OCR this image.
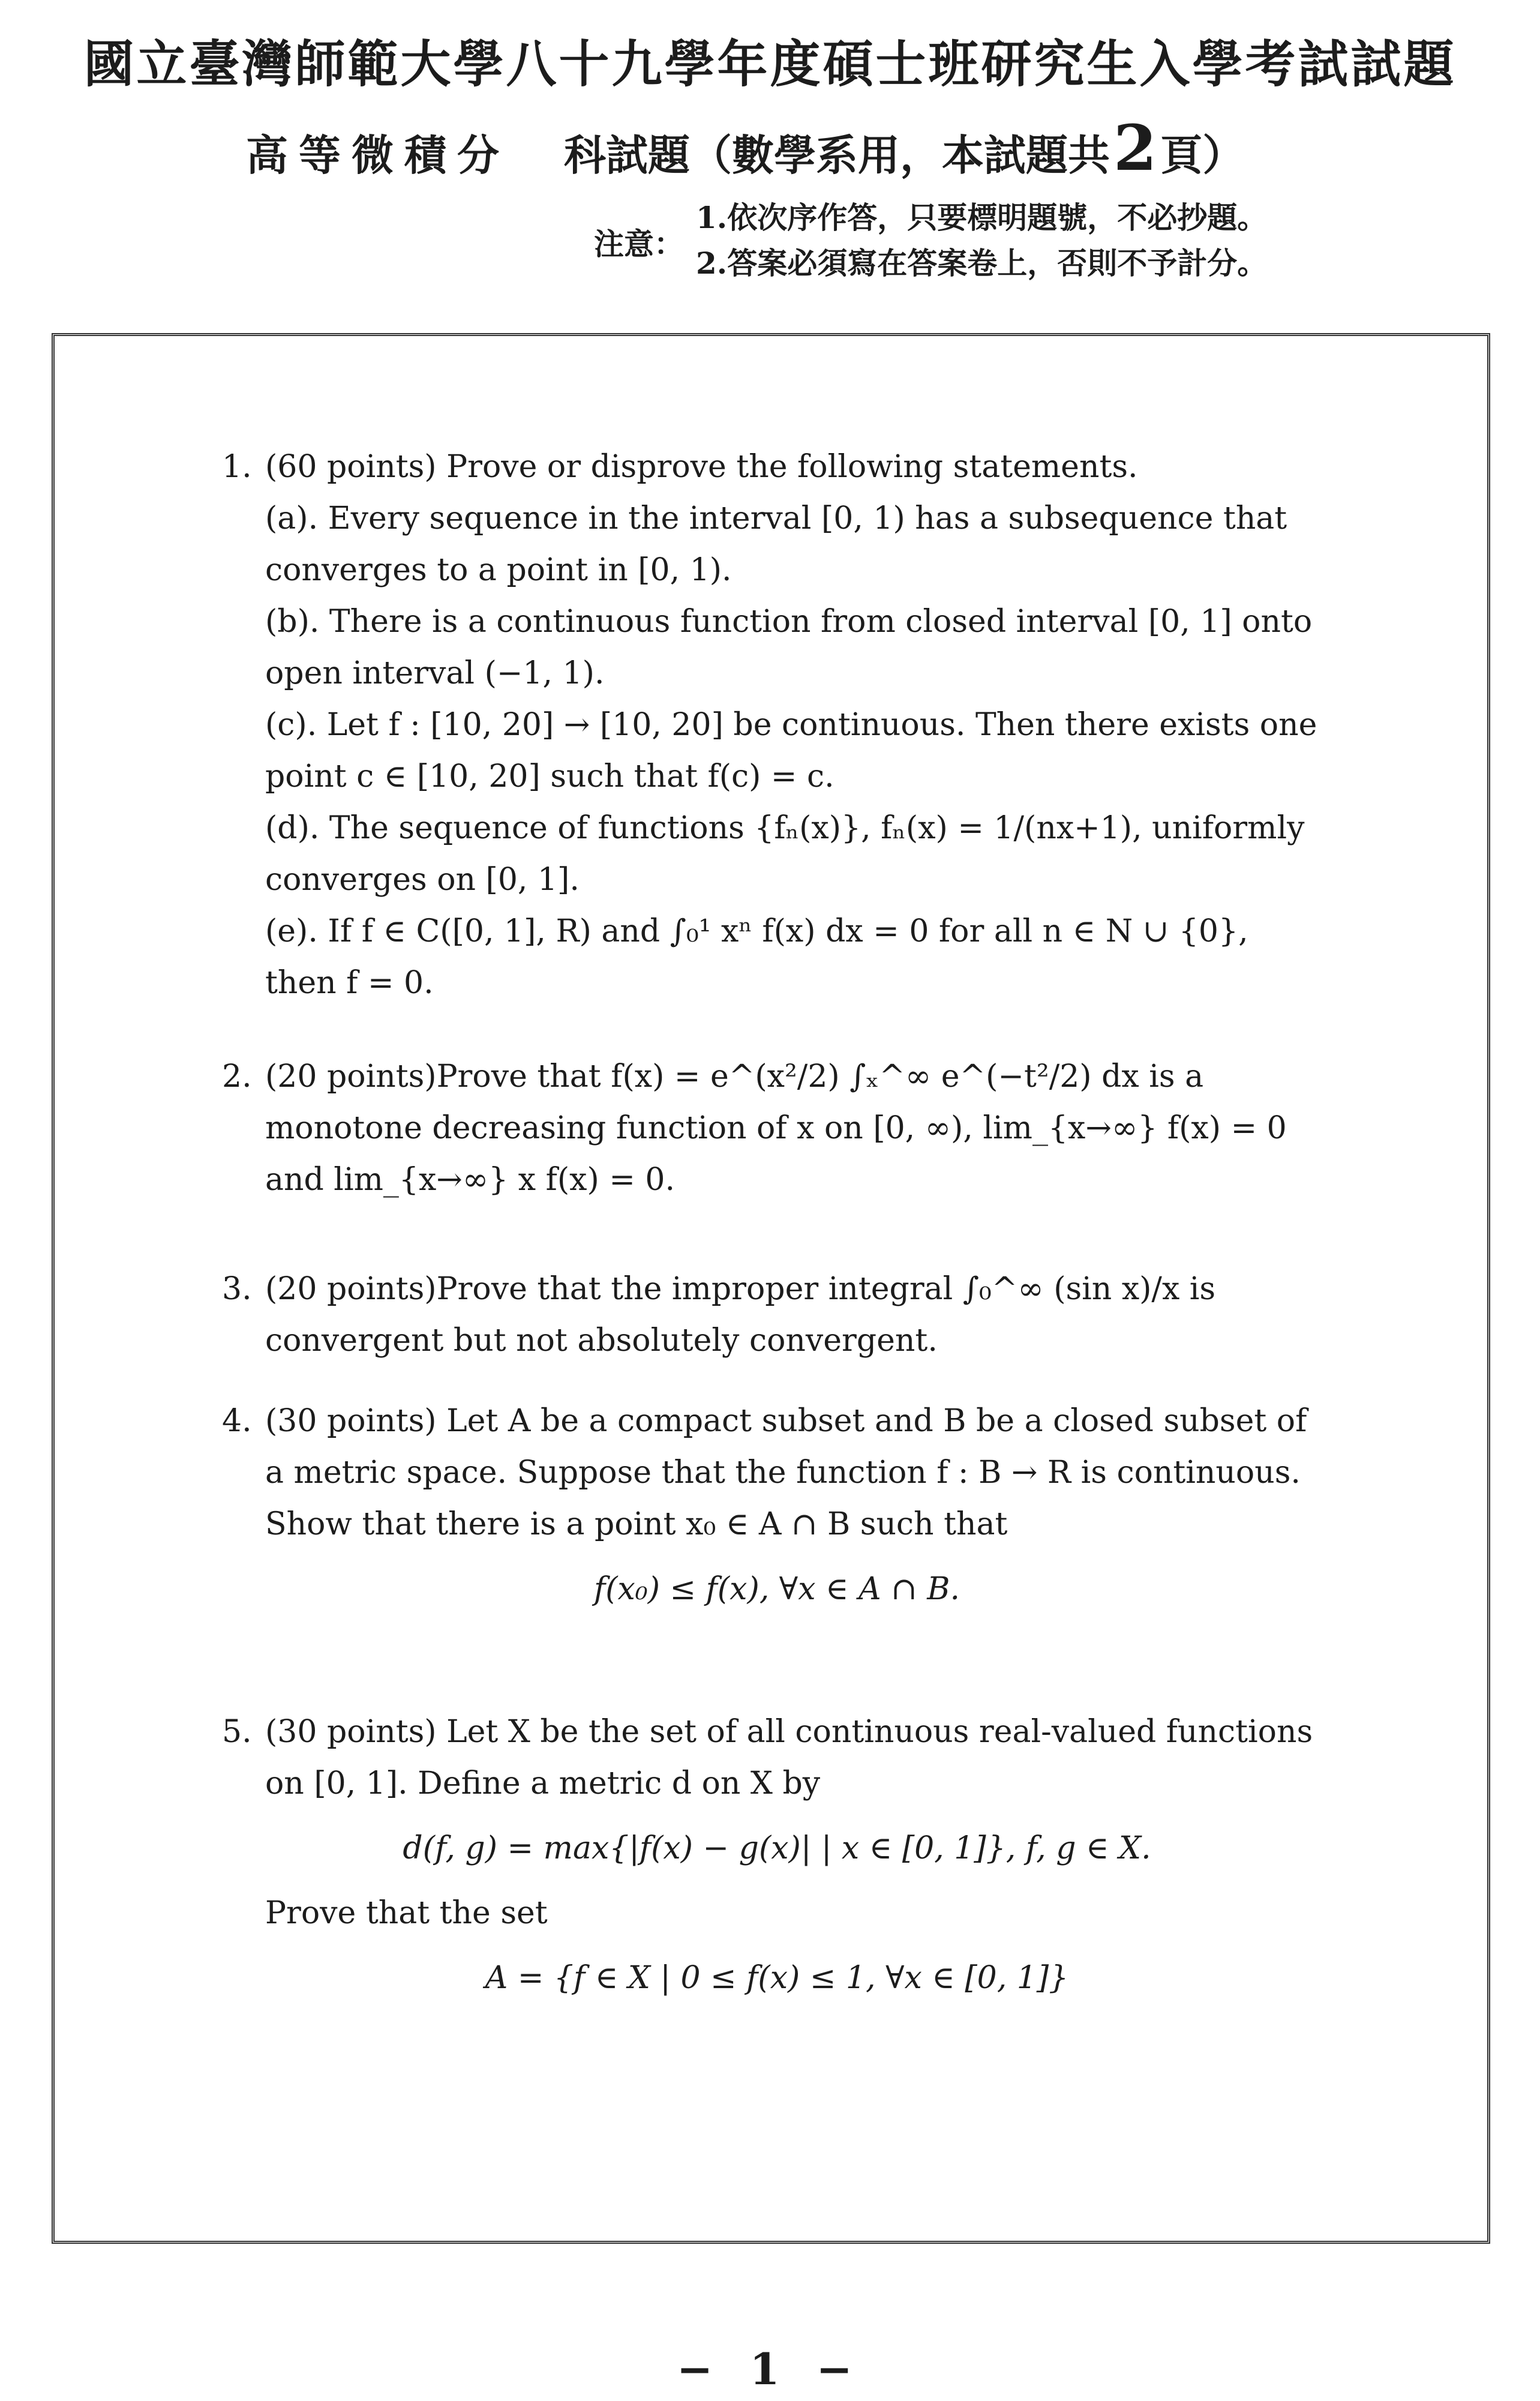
國立臺灣師範大學八十九學年度碩士班研究生入學考試試題
高等微積分 科試題（數學系用，本試題共2頁）
注意：
1.依次序作答，只要標明題號，不必抄題。
2.答案必須寫在答案卷上，否則不予計分。
1. (60 points) Prove or disprove the following statements.
(a). Every sequence in the interval [0, 1) has a subsequence that converges to a point in [0, 1).
(b). There is a continuous function from closed interval [0, 1] onto open interval (−1, 1).
(c). Let f : [10, 20] → [10, 20] be continuous. Then there exists one point c ∈ [10, 20] such that f(c) = c.
(d). The sequence of functions {fₙ(x)}, fₙ(x) = 1/(nx+1), uniformly converges on [0, 1].
(e). If f ∈ C([0, 1], R) and ∫₀¹ xⁿ f(x) dx = 0 for all n ∈ N ∪ {0}, then f = 0.
2. (20 points)Prove that f(x) = e^(x²/2) ∫ₓ^∞ e^(−t²/2) dx is a monotone decreasing function of x on [0, ∞), lim_{x→∞} f(x) = 0 and lim_{x→∞} x f(x) = 0.
3. (20 points)Prove that the improper integral ∫₀^∞ (sin x)/x is convergent but not absolutely convergent.
4. (30 points) Let A be a compact subset and B be a closed subset of a metric space. Suppose that the function f : B → R is continuous. Show that there is a point x₀ ∈ A ∩ B such that
f(x₀) ≤ f(x), ∀x ∈ A ∩ B.
5. (30 points) Let X be the set of all continuous real-valued functions on [0, 1]. Define a metric d on X by
d(f, g) = max{|f(x) − g(x)| | x ∈ [0, 1]}, f, g ∈ X.
Prove that the set
A = {f ∈ X | 0 ≤ f(x) ≤ 1, ∀x ∈ [0, 1]}
− 1 −
